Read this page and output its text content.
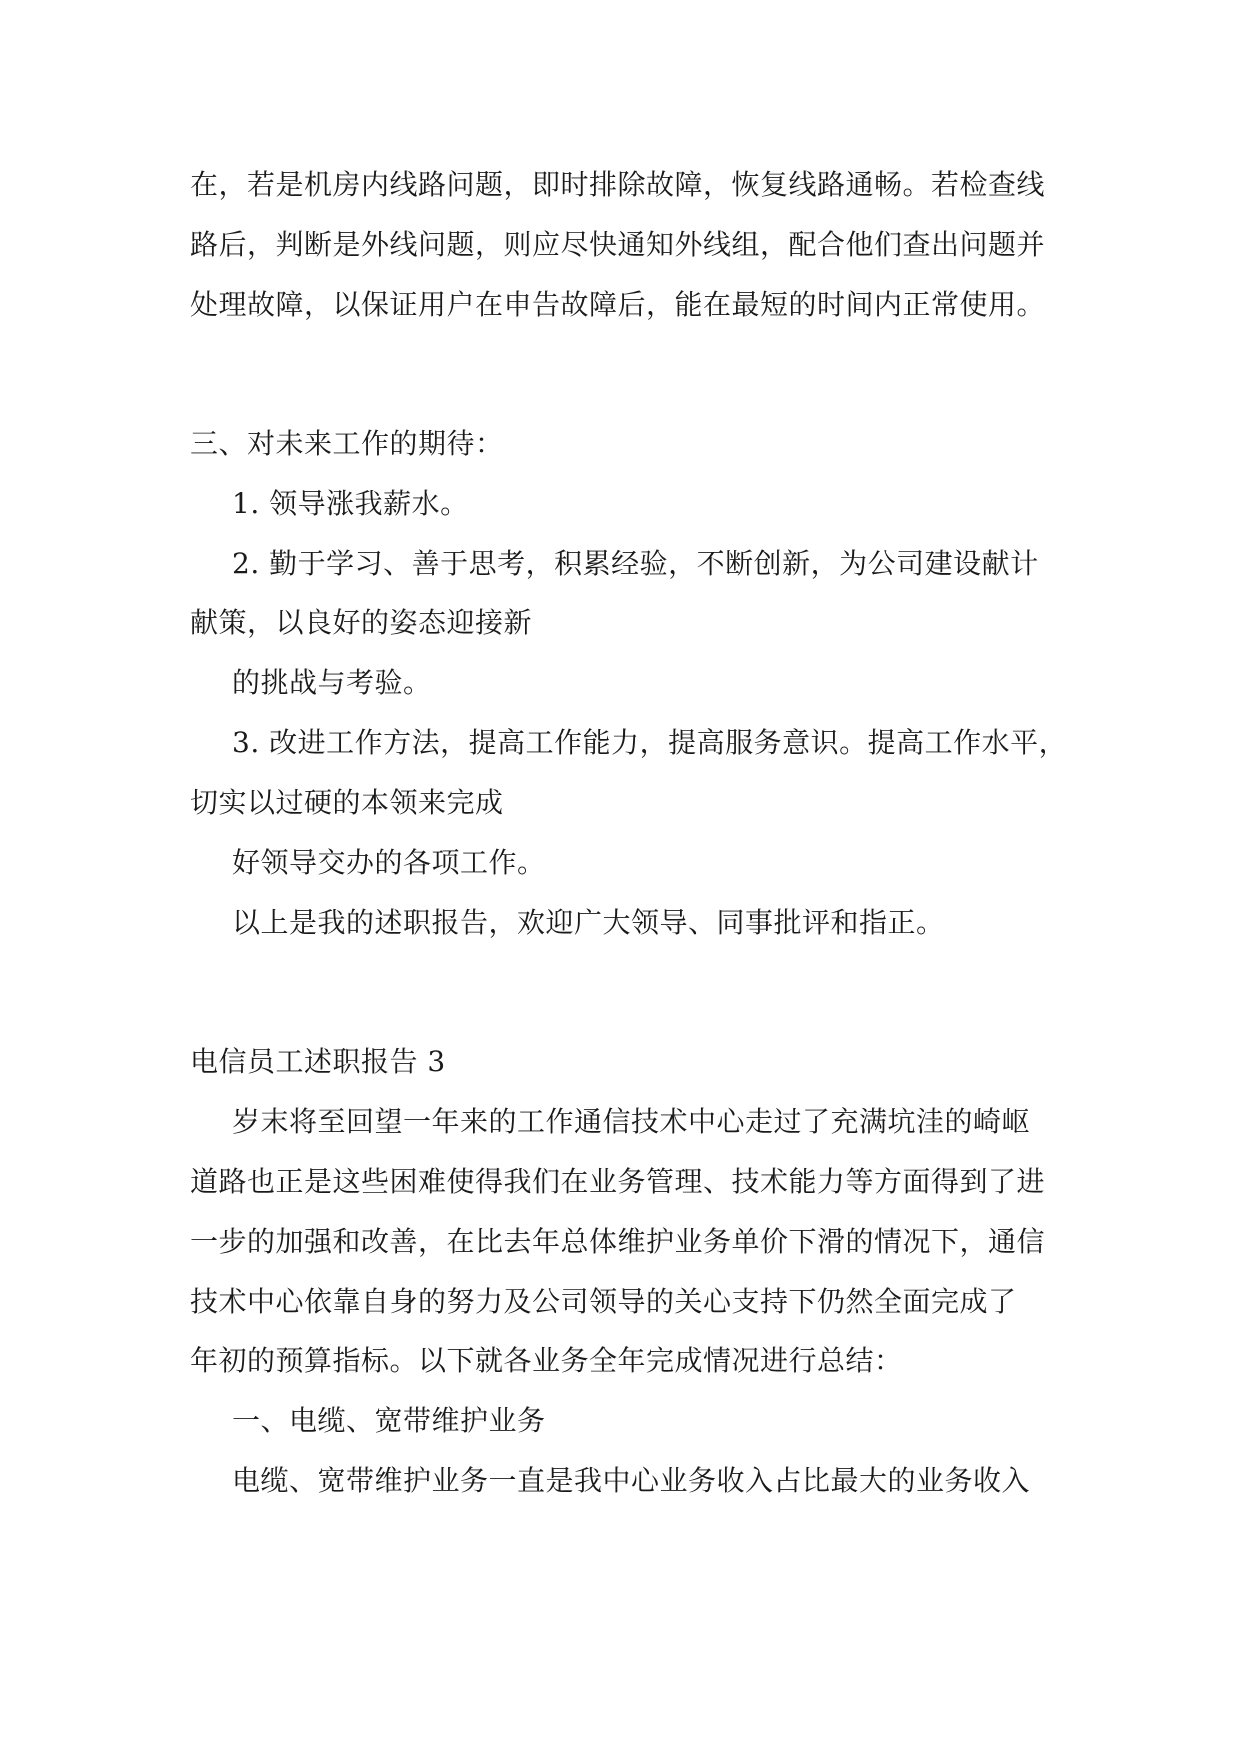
在，若是机房内线路问题，即时排除故障，恢复线路通畅。若检查线

路后，判断是外线问题，则应尽快通知外线组，配合他们查出问题并

处理故障，以保证用户在申告故障后，能在最短的时间内正常使用。

三、对未来工作的期待：

1. 领导涨我薪水。

2. 勤于学习、善于思考，积累经验，不断创新，为公司建设献计

献策，以良好的姿态迎接新

的挑战与考验。

3. 改进工作方法，提高工作能力，提高服务意识。提高工作水平，

切实以过硬的本领来完成

好领导交办的各项工作。

以上是我的述职报告，欢迎广大领导、同事批评和指正。

电信员工述职报告 3

岁末将至回望一年来的工作通信技术中心走过了充满坑洼的崎岖

道路也正是这些困难使得我们在业务管理、技术能力等方面得到了进

一步的加强和改善，在比去年总体维护业务单价下滑的情况下，通信

技术中心依靠自身的努力及公司领导的关心支持下仍然全面完成了

年初的预算指标。以下就各业务全年完成情况进行总结：

一、电缆、宽带维护业务

电缆、宽带维护业务一直是我中心业务收入占比最大的业务收入
